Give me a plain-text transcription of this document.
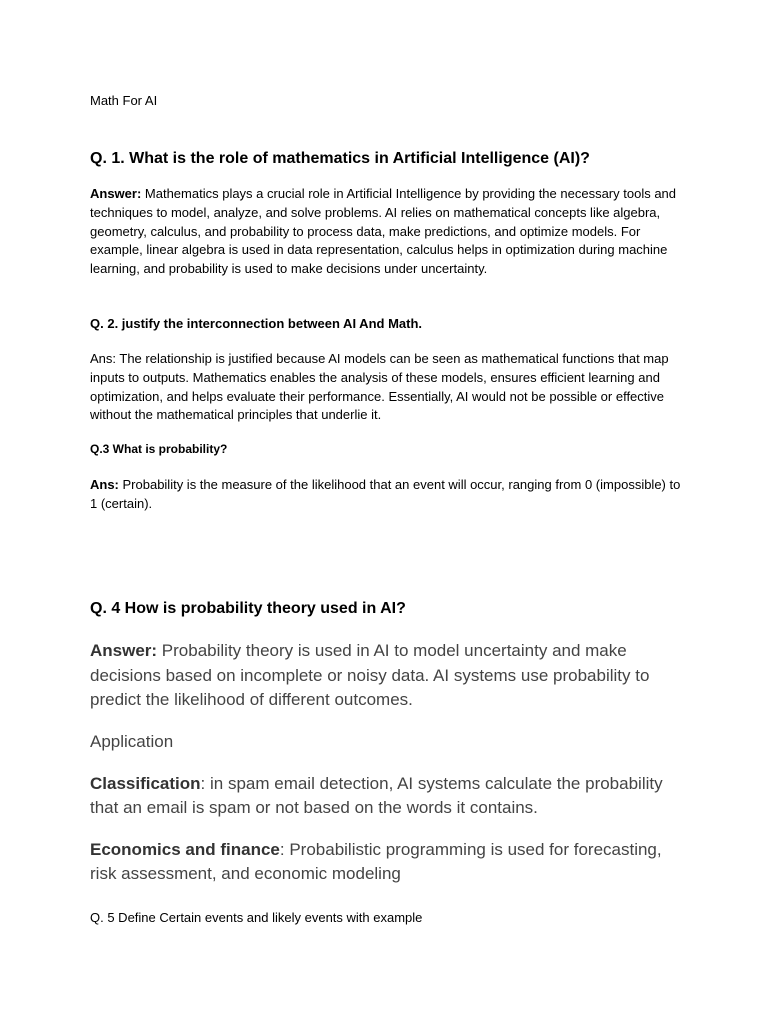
Math For AI

Q. 1. What is the role of mathematics in Artificial Intelligence (AI)?

Answer: Mathematics plays a crucial role in Artificial Intelligence by providing the necessary tools and techniques to model, analyze, and solve problems. AI relies on mathematical concepts like algebra, geometry, calculus, and probability to process data, make predictions, and optimize models. For example, linear algebra is used in data representation, calculus helps in optimization during machine learning, and probability is used to make decisions under uncertainty.

Q. 2. justify the interconnection between AI And Math.

Ans: The relationship is justified because AI models can be seen as mathematical functions that map inputs to outputs. Mathematics enables the analysis of these models, ensures efficient learning and optimization, and helps evaluate their performance. Essentially, AI would not be possible or effective without the mathematical principles that underlie it.

Q.3 What is probability?

Ans: Probability is the measure of the likelihood that an event will occur, ranging from 0 (impossible) to 1 (certain).

Q. 4 How is probability theory used in AI?

Answer: Probability theory is used in AI to model uncertainty and make decisions based on incomplete or noisy data. AI systems use probability to predict the likelihood of different outcomes.

Application

Classification: in spam email detection, AI systems calculate the probability that an email is spam or not based on the words it contains.

Economics and finance: Probabilistic programming is used for forecasting, risk assessment, and economic modeling

Q. 5 Define Certain events and likely events with example
